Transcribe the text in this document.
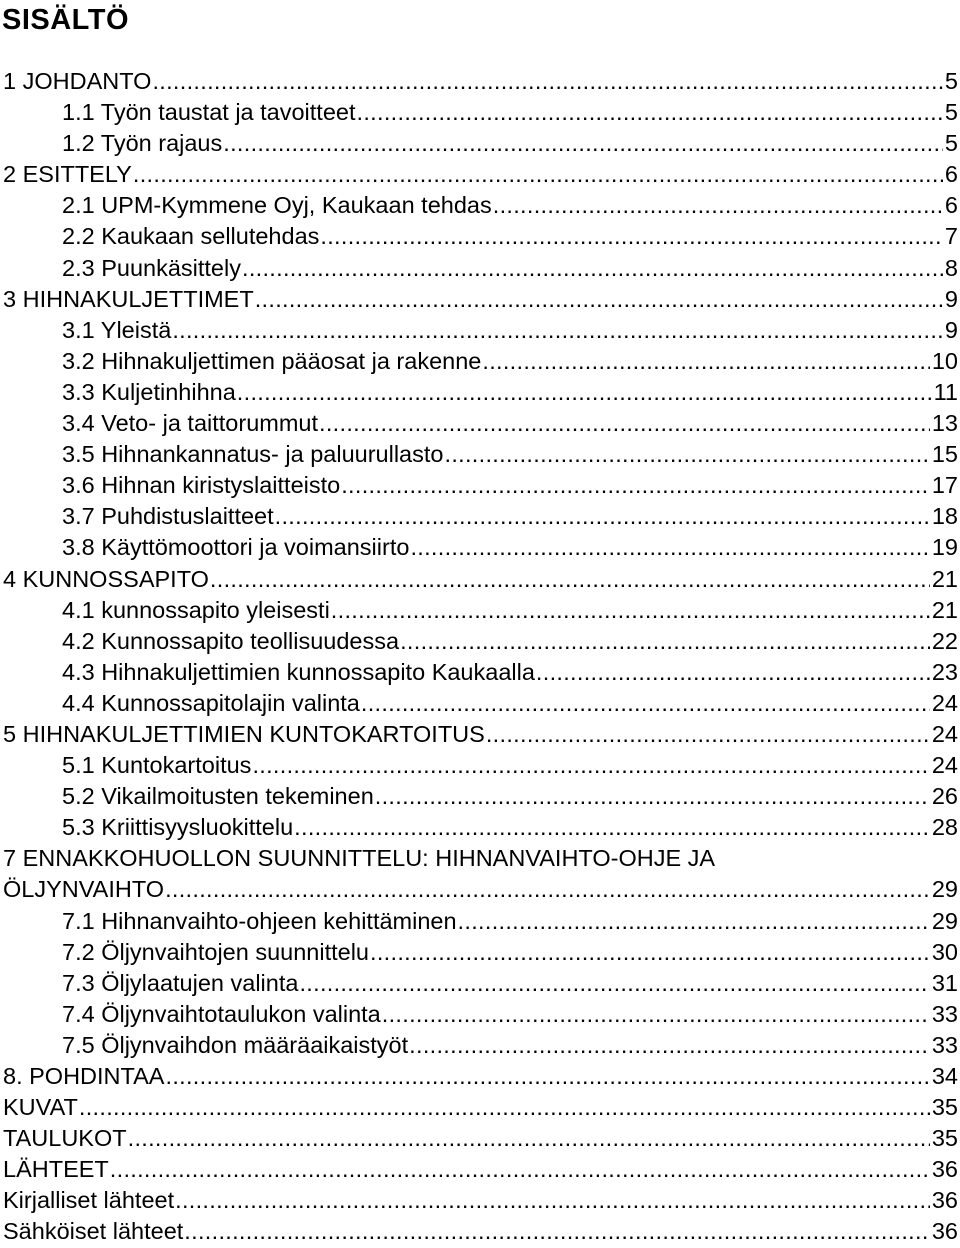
SISÄLTÖ
1 JOHDANTO .....	5
1.1 Työn taustat ja tavoitteet .....	5
1.2 Työn rajaus .....	5
2 ESITTELY .....	6
2.1 UPM-Kymmene Oyj, Kaukaan tehdas .....	6
2.2 Kaukaan sellutehdas .....	7
2.3 Puunkäsittely .....	8
3 HIHNAKULJETTIMET .....	9
3.1 Yleistä .....	9
3.2 Hihnakuljettimen pääosat ja rakenne .....	10
3.3 Kuljetinhihna .....	11
3.4 Veto- ja taittorummut .....	13
3.5 Hihnankannatus- ja paluurullasto .....	15
3.6 Hihnan kiristyslaitteisto .....	17
3.7 Puhdistuslaitteet .....	18
3.8 Käyttömoottori ja voimansiirto .....	19
4 KUNNOSSAPITO .....	21
4.1 kunnossapito yleisesti .....	21
4.2 Kunnossapito teollisuudessa .....	22
4.3 Hihnakuljettimien kunnossapito Kaukaalla .....	23
4.4 Kunnossapitolajin valinta .....	24
5 HIHNAKULJETTIMIEN KUNTOKARTOITUS .....	24
5.1 Kuntokartoitus .....	24
5.2 Vikailmoitusten tekeminen .....	26
5.3 Kriittisyysluokittelu .....	28
7 ENNAKKOHUOLLON SUUNNITTELU: HIHNANVAIHTO-OHJE JA
ÖLJYNVAIHTO .....	29
7.1 Hihnanvaihto-ohjeen kehittäminen .....	29
7.2 Öljynvaihtojen suunnittelu .....	30
7.3 Öljylaatujen valinta .....	31
7.4 Öljynvaihtotaulukon valinta .....	33
7.5 Öljynvaihdon määräaikaistyöt .....	33
8. POHDINTAA .....	34
KUVAT .....	35
TAULUKOT .....	35
LÄHTEET .....	36
Kirjalliset lähteet .....	36
Sähköiset lähteet .....	36
